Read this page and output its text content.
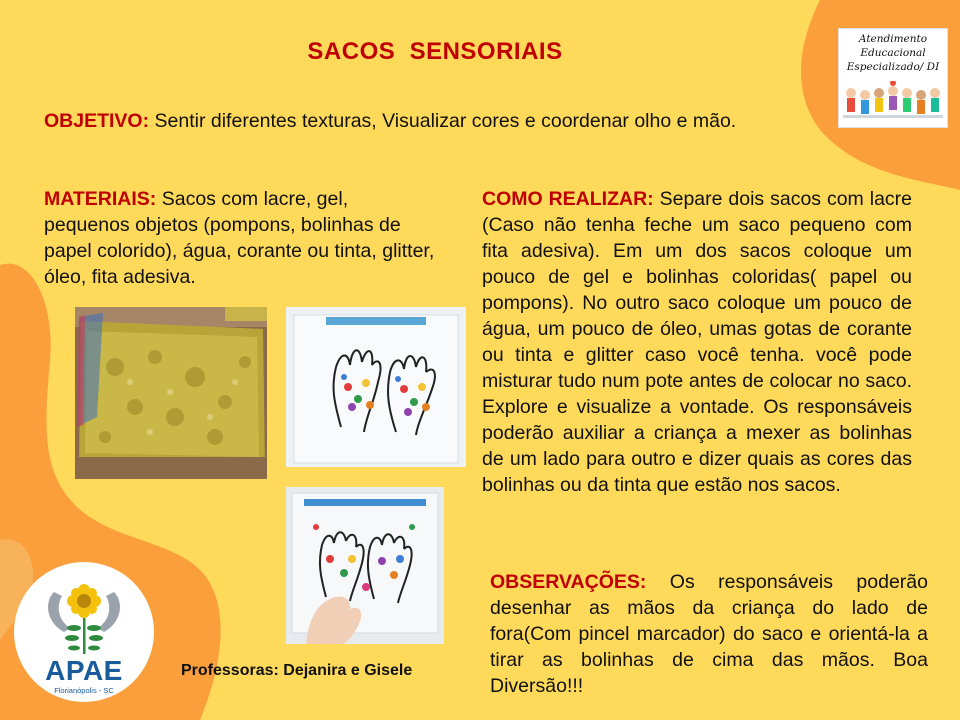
SACOS  SENSORIAIS
OBJETIVO: Sentir diferentes texturas, Visualizar cores e coordenar olho e mão.
MATERIAIS: Sacos com lacre, gel, pequenos objetos (pompons, bolinhas de papel colorido), água, corante ou tinta, glitter, óleo, fita adesiva.
COMO REALIZAR: Separe dois sacos com lacre (Caso não tenha feche um saco pequeno com fita adesiva). Em um dos sacos coloque um pouco de gel e bolinhas coloridas( papel ou pompons). No outro saco coloque um pouco de água, um pouco de óleo, umas gotas de corante ou tinta e glitter caso você tenha. você pode misturar tudo num pote antes de colocar no saco. Explore e visualize a vontade. Os responsáveis poderão auxiliar a criança a mexer as bolinhas de um lado para outro e dizer quais as cores das bolinhas ou da tinta que estão nos sacos.
OBSERVAÇÕES: Os responsáveis poderão desenhar as mãos da criança do lado de fora(Com pincel marcador) do saco e orientá-la a tirar as bolinhas de cima das mãos. Boa Diversão!!!
Atendimento
Educacional
Especializado/ DI
APAE
Florianópolis - SC
Professoras: Dejanira e Gisele
